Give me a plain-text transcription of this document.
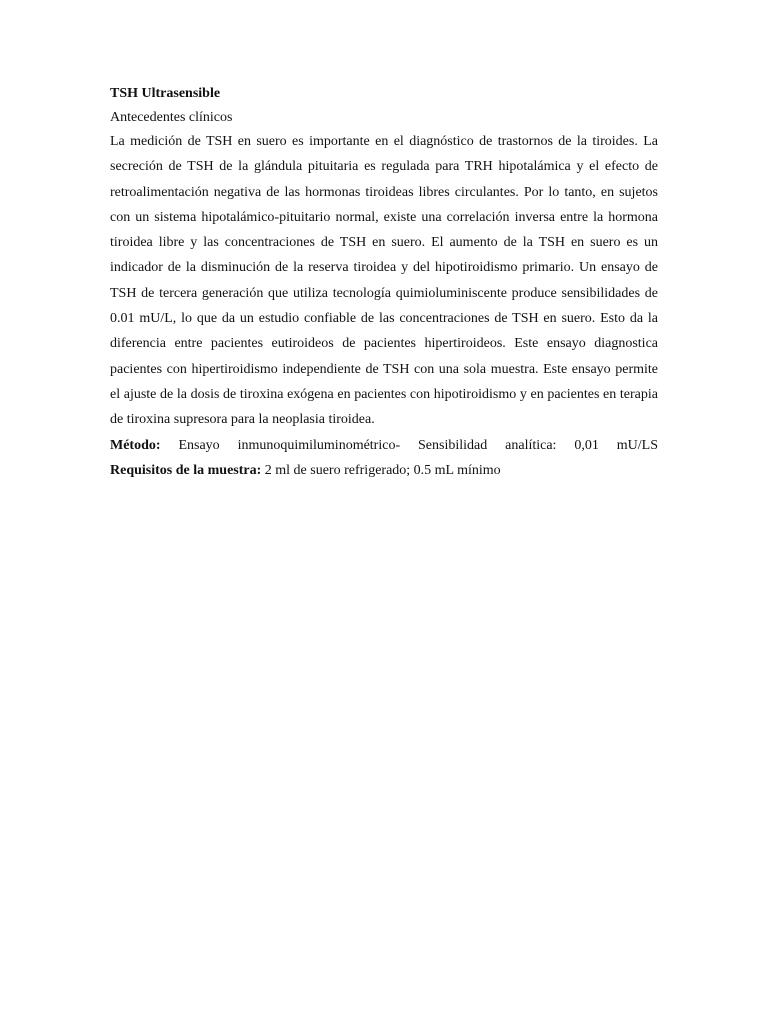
TSH Ultrasensible
Antecedentes clínicos

La medición de TSH en suero es importante en el diagnóstico de trastornos de la tiroides. La secreción de TSH de la glándula pituitaria es regulada para TRH hipotalámica y el efecto de retroalimentación negativa de las hormonas tiroideas libres circulantes. Por lo tanto, en sujetos con un sistema hipotalámico-pituitario normal, existe una correlación inversa entre la hormona tiroidea libre y las concentraciones de TSH en suero. El aumento de la TSH en suero es un indicador de la disminución de la reserva tiroidea y del hipotiroidismo primario. Un ensayo de TSH de tercera generación que utiliza tecnología quimioluminiscente produce sensibilidades de 0.01 mU/L, lo que da un estudio confiable de las concentraciones de TSH en suero. Esto da la diferencia entre pacientes eutiroideos de pacientes hipertiroideos. Este ensayo diagnostica pacientes con hipertiroidismo independiente de TSH con una sola muestra. Este ensayo permite el ajuste de la dosis de tiroxina exógena en pacientes con hipotiroidismo y en pacientes en terapia de tiroxina supresora para la neoplasia tiroidea.

Método: Ensayo inmunoquimiluminométrico- Sensibilidad analítica: 0,01 mU/LS
Requisitos de la muestra: 2 ml de suero refrigerado; 0.5 mL mínimo
